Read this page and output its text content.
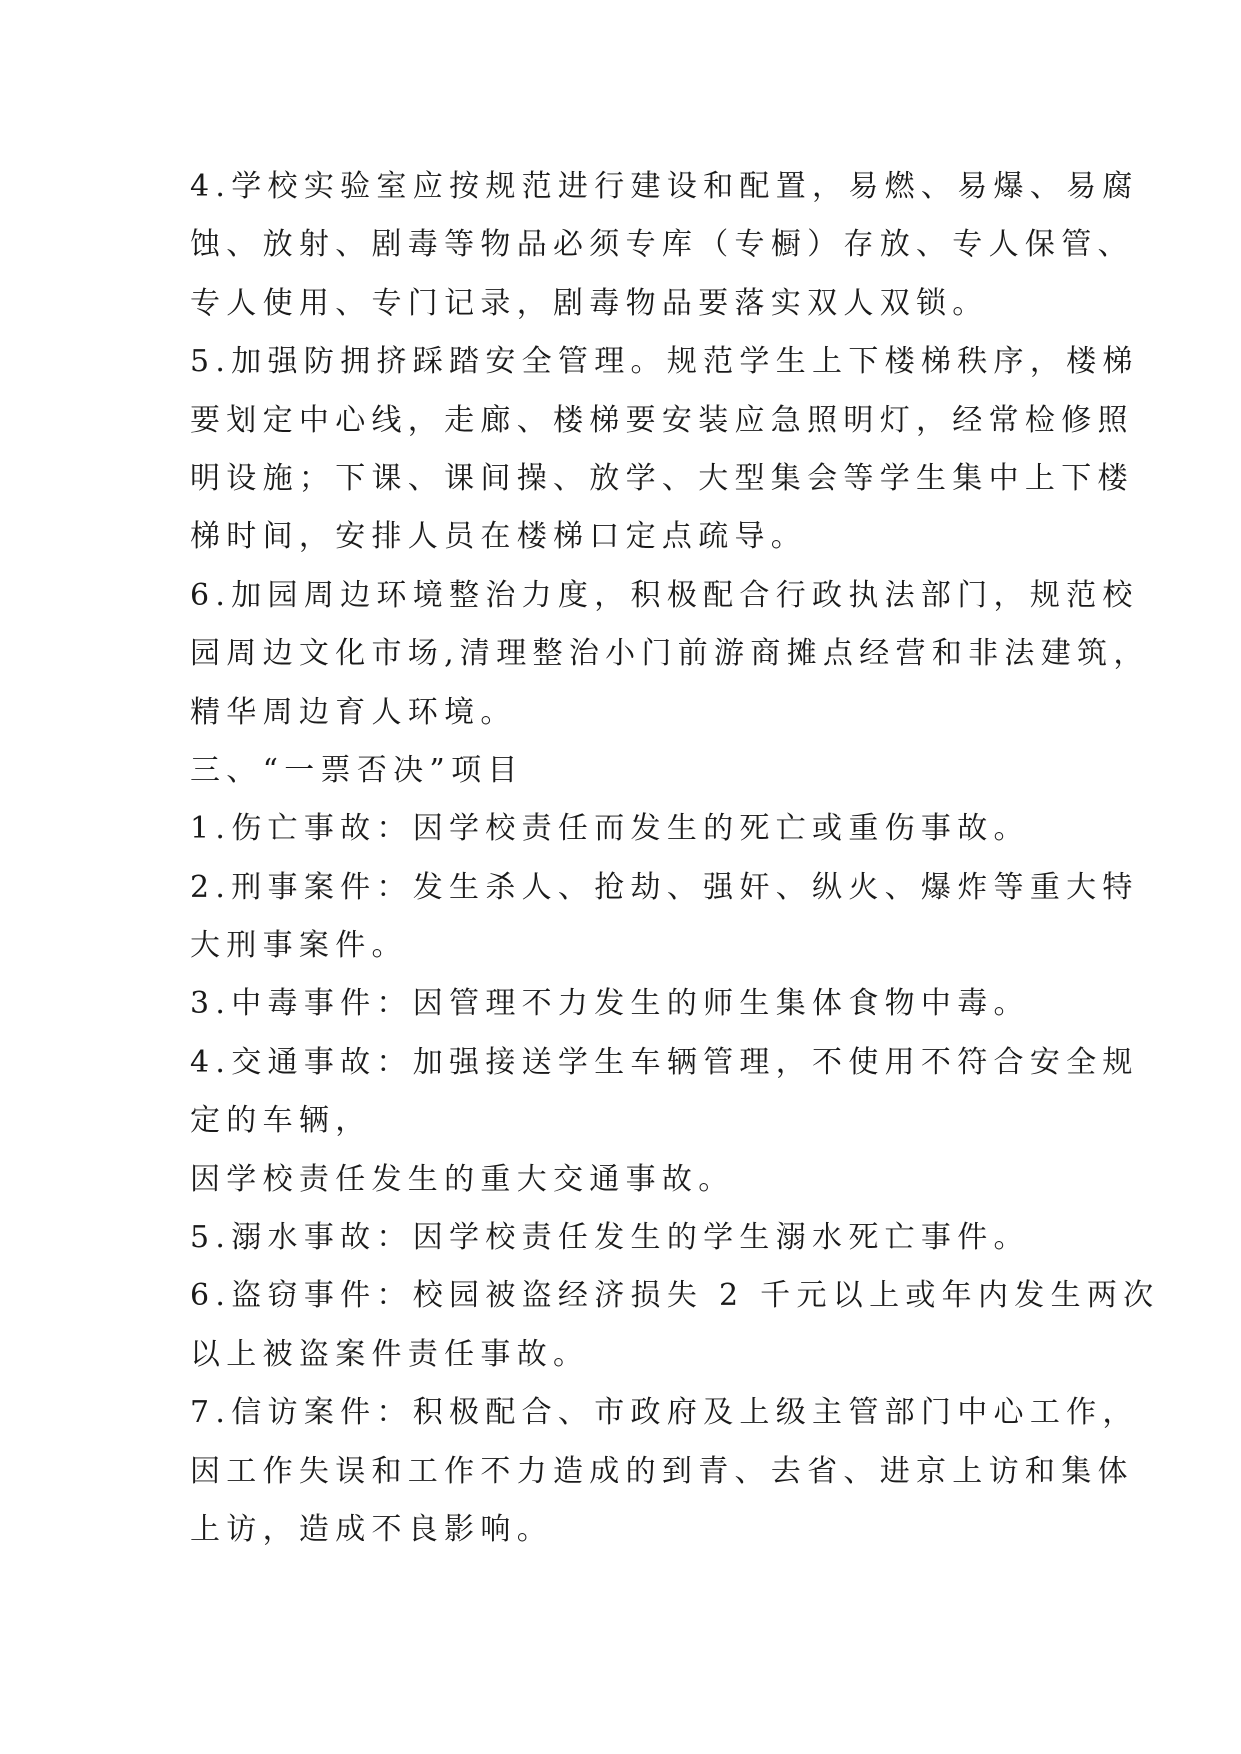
4.学校实验室应按规范进行建设和配置，易燃、易爆、易腐
蚀、放射、剧毒等物品必须专库（专橱）存放、专人保管、
专人使用、专门记录，剧毒物品要落实双人双锁。
5.加强防拥挤踩踏安全管理。规范学生上下楼梯秩序，楼梯
要划定中心线，走廊、楼梯要安装应急照明灯，经常检修照
明设施；下课、课间操、放学、大型集会等学生集中上下楼
梯时间，安排人员在楼梯口定点疏导。
6.加园周边环境整治力度，积极配合行政执法部门，规范校
园周边文化市场,清理整治小门前游商摊点经营和非法建筑，
精华周边育人环境。
三、“一票否决”项目
1.伤亡事故：因学校责任而发生的死亡或重伤事故。
2.刑事案件：发生杀人、抢劫、强奸、纵火、爆炸等重大特
大刑事案件。
3.中毒事件：因管理不力发生的师生集体食物中毒。
4.交通事故：加强接送学生车辆管理，不使用不符合安全规
定的车辆，
因学校责任发生的重大交通事故。
5.溺水事故：因学校责任发生的学生溺水死亡事件。
6.盗窃事件：校园被盗经济损失 2 千元以上或年内发生两次
以上被盗案件责任事故。
7.信访案件：积极配合、市政府及上级主管部门中心工作，
因工作失误和工作不力造成的到青、去省、进京上访和集体
上访，造成不良影响。
